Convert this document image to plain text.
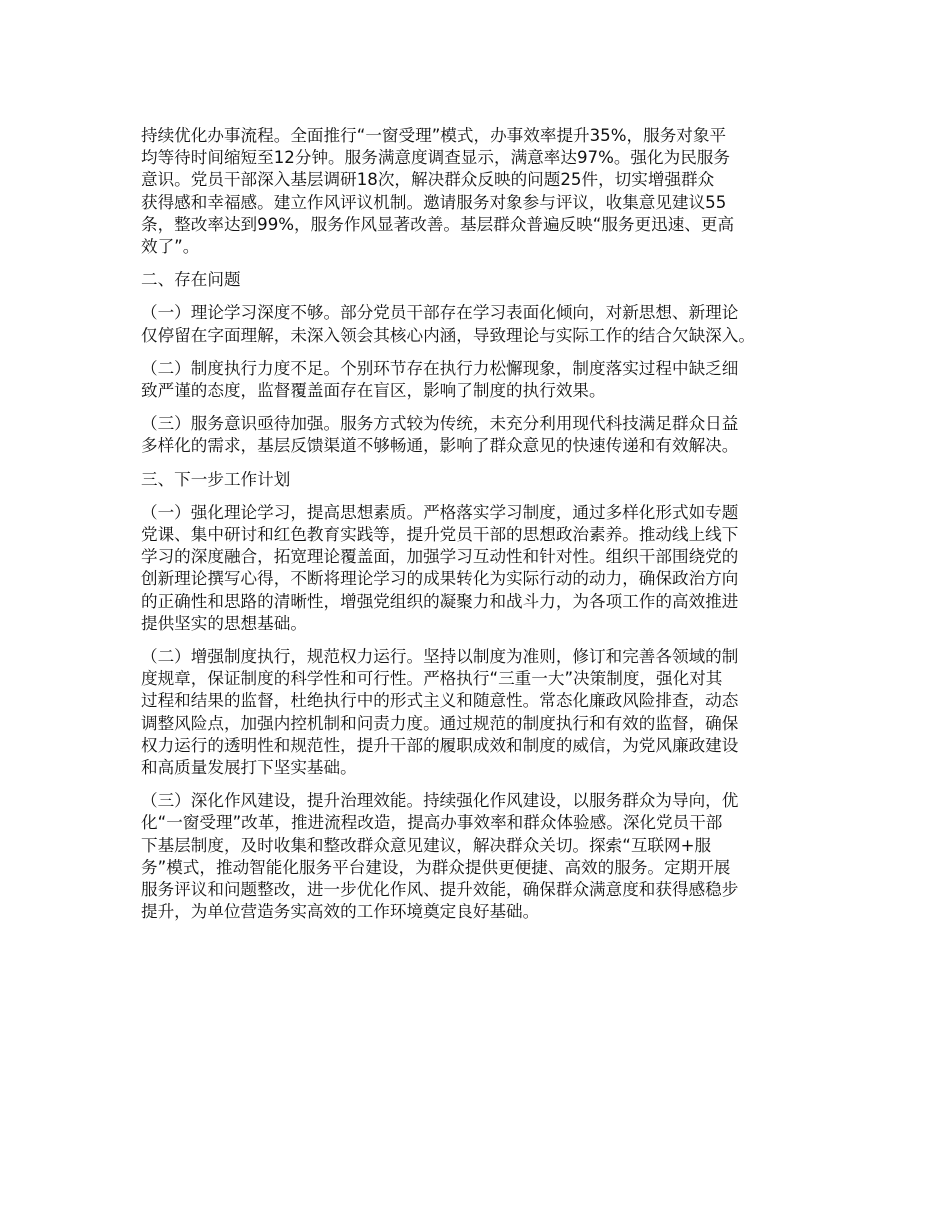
持续优化办事流程。全面推行“一窗受理”模式，办事效率提升35%，服务对象平
均等待时间缩短至12分钟。服务满意度调查显示，满意率达97%。强化为民服务
意识。党员干部深入基层调研18次，解决群众反映的问题25件，切实增强群众
获得感和幸福感。建立作风评议机制。邀请服务对象参与评议，收集意见建议55
条，整改率达到99%，服务作风显著改善。基层群众普遍反映“服务更迅速、更高
效了”。

二、存在问题

（一）理论学习深度不够。部分党员干部存在学习表面化倾向，对新思想、新理论
仅停留在字面理解，未深入领会其核心内涵，导致理论与实际工作的结合欠缺深入。

（二）制度执行力度不足。个别环节存在执行力松懈现象，制度落实过程中缺乏细
致严谨的态度，监督覆盖面存在盲区，影响了制度的执行效果。

（三）服务意识亟待加强。服务方式较为传统，未充分利用现代科技满足群众日益
多样化的需求，基层反馈渠道不够畅通，影响了群众意见的快速传递和有效解决。

三、下一步工作计划

（一）强化理论学习，提高思想素质。严格落实学习制度，通过多样化形式如专题
党课、集中研讨和红色教育实践等，提升党员干部的思想政治素养。推动线上线下
学习的深度融合，拓宽理论覆盖面，加强学习互动性和针对性。组织干部围绕党的
创新理论撰写心得，不断将理论学习的成果转化为实际行动的动力，确保政治方向
的正确性和思路的清晰性，增强党组织的凝聚力和战斗力，为各项工作的高效推进
提供坚实的思想基础。

（二）增强制度执行，规范权力运行。坚持以制度为准则，修订和完善各领域的制
度规章，保证制度的科学性和可行性。严格执行“三重一大”决策制度，强化对其
过程和结果的监督，杜绝执行中的形式主义和随意性。常态化廉政风险排查，动态
调整风险点，加强内控机制和问责力度。通过规范的制度执行和有效的监督，确保
权力运行的透明性和规范性，提升干部的履职成效和制度的威信，为党风廉政建设
和高质量发展打下坚实基础。

（三）深化作风建设，提升治理效能。持续强化作风建设，以服务群众为导向，优
化“一窗受理”改革，推进流程改造，提高办事效率和群众体验感。深化党员干部
下基层制度，及时收集和整改群众意见建议，解决群众关切。探索“互联网+服
务”模式，推动智能化服务平台建设，为群众提供更便捷、高效的服务。定期开展
服务评议和问题整改，进一步优化作风、提升效能，确保群众满意度和获得感稳步
提升，为单位营造务实高效的工作环境奠定良好基础。
